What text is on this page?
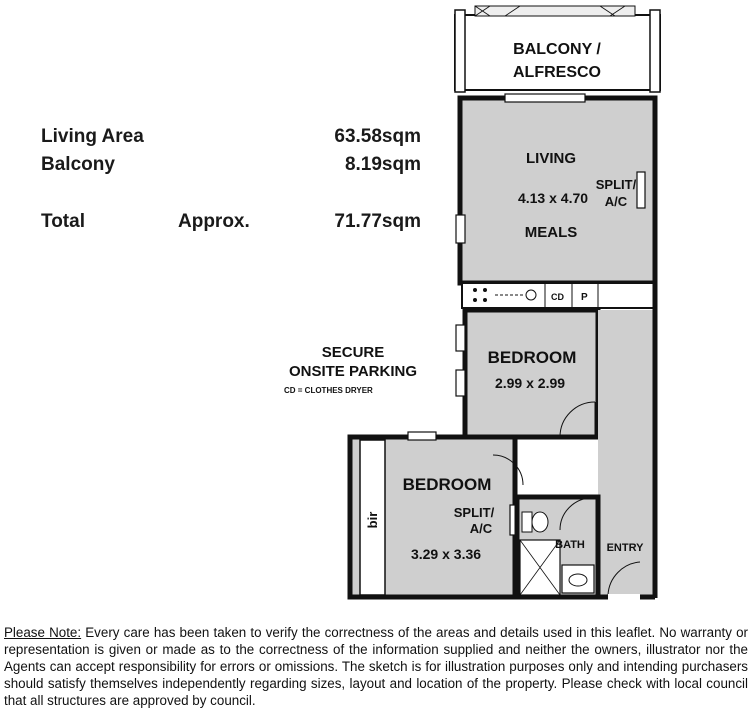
Living Area	63.58sqm
Balcony	8.19sqm
Total	Approx.	71.77sqm
SECURE
ONSITE PARKING
CD = CLOTHES DRYER
CD P
BALCONY /
ALFRESCO
LIVING
4.13 x 4.70
MEALS
SPLIT/
A/C
BEDROOM
2.99 x 2.99
BEDROOM
3.29 x 3.36
SPLIT/
A/C
bir
BATH ENTRY
Please Note: Every care has been taken to verify the correctness of the areas and details used in this leaflet. No warranty or representation is given or made as to the correctness of the information supplied and neither the owners, illustrator nor the Agents can accept responsibility for errors or omissions. The sketch is for illustration purposes only and intending purchasers should satisfy themselves independently regarding sizes, layout and location of the property. Please check with local council that all structures are approved by council.
